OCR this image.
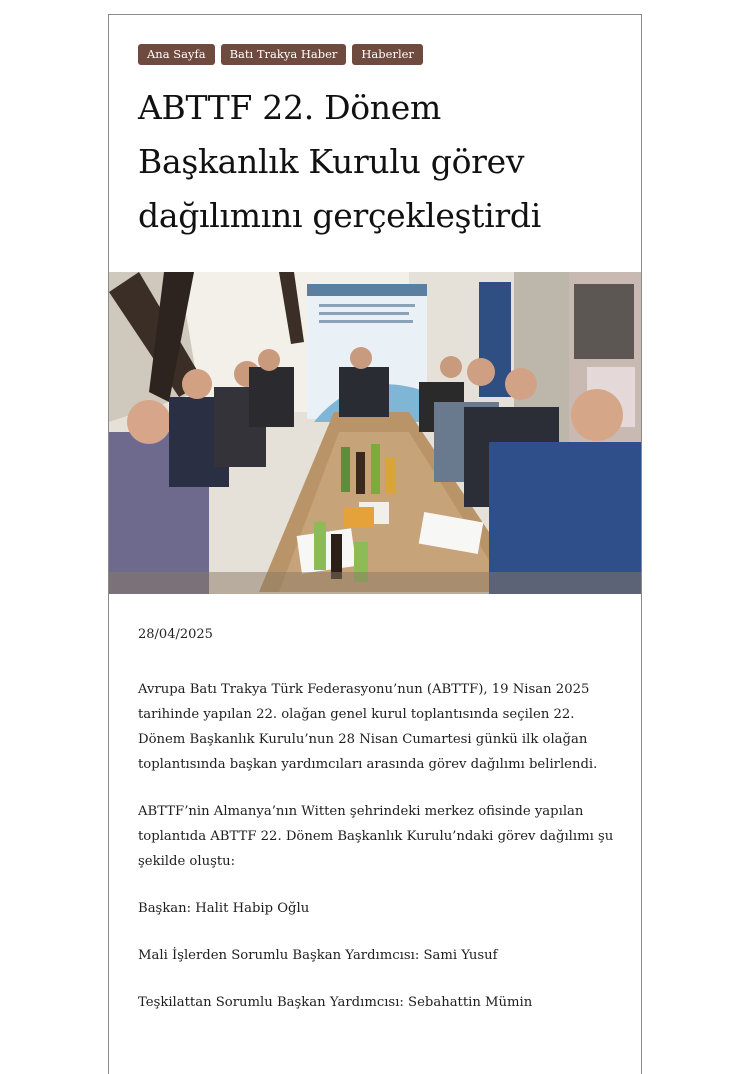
Ana Sayfa	Batı Trakya Haber	Haberler
ABTTF 22. Dönem
Başkanlık Kurulu görev
dağılımını gerçekleştirdi
28/04/2025

Avrupa Batı Trakya Türk Federasyonu’nun (ABTTF), 19 Nisan 2025 tarihinde yapılan 22. olağan genel kurul toplantısında seçilen 22. Dönem Başkanlık Kurulu’nun 28 Nisan Cumartesi günkü ilk olağan toplantısında başkan yardımcıları arasında görev dağılımı belirlendi.

ABTTF’nin Almanya’nın Witten şehrindeki merkez ofisinde yapılan toplantıda ABTTF 22. Dönem Başkanlık Kurulu’ndaki görev dağılımı şu şekilde oluştu:

Başkan: Halit Habip Oğlu

Mali İşlerden Sorumlu Başkan Yardımcısı: Sami Yusuf

Teşkilattan Sorumlu Başkan Yardımcısı: Sebahattin Mümin
